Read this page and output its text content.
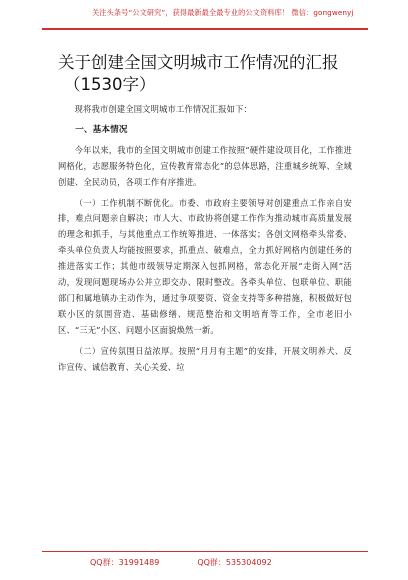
关注头条号“公文研究”，获得最新最全最专业的公文资料库！ 微信：gongwenyj
关于创建全国文明城市工作情况的汇报
（1530字）

现将我市创建全国文明城市工作情况汇报如下：

一、基本情况

今年以来，我市的全国文明城市创建工作按照“硬件建设项目化，工作推进网格化，志愿服务特色化，宣传教育常态化”的总体思路，注重城乡统筹、全域创建、全民动员，各项工作有序推进。

（一）工作机制不断优化。市委、市政府主要领导对创建重点工作亲自安排，难点问题亲自解决；市人大、市政协将创建工作作为推动城市高质量发展的理念和抓手，与其他重点工作统筹推进、一体落实；各创文网格牵头常委、牵头单位负责人均能按照要求，抓重点、破难点，全力抓好网格内创建任务的推进落实工作；其他市级领导定期深入包抓网格，常态化开展“走街入网”活动，发现问题现场办公并立即交办、限时整改。各牵头单位、包联单位、职能部门和属地镇办主动作为，通过争项要资、资金支持等多种措施，积极做好包联小区的氛围营造、基础修缮、规范整治和文明培育等工作，全市老旧小区、“三无”小区、问题小区面貌焕然一新。

（二）宣传氛围日益浓厚。按照“月月有主题”的安排，开展文明养犬、反诈宣传、诚信教育、关心关爱、垃

QQ群：31991489	QQ群：535304092
